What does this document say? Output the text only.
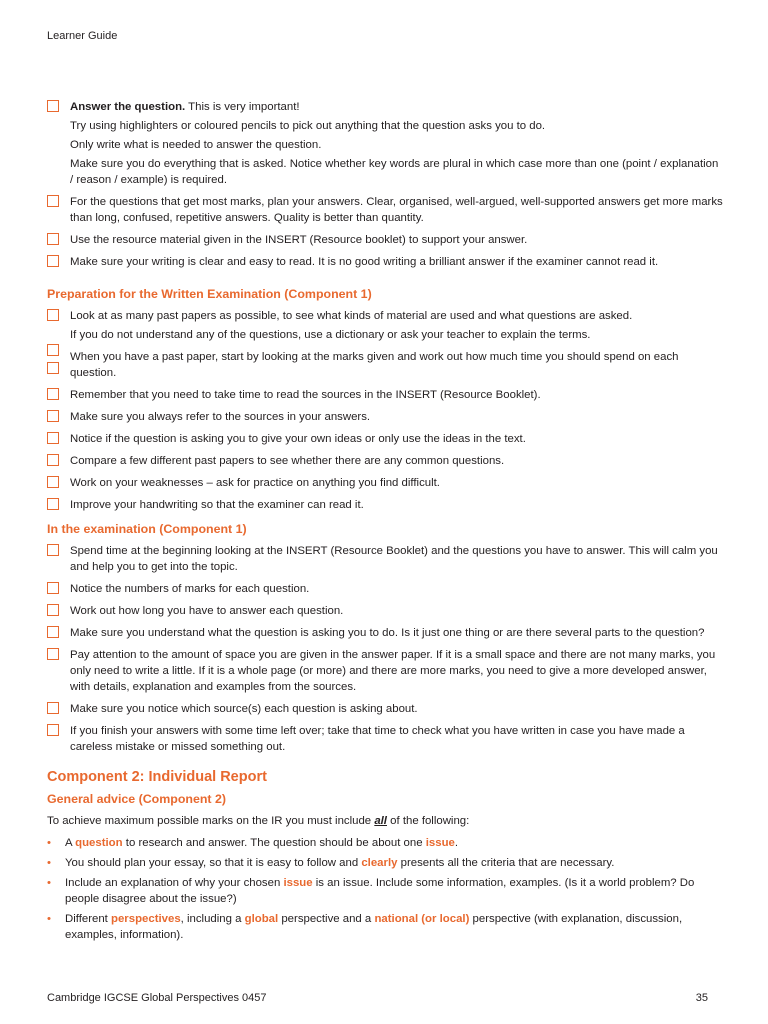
Learner Guide
Answer the question. This is very important!
Try using highlighters or coloured pencils to pick out anything that the question asks you to do.
Only write what is needed to answer the question.
Make sure you do everything that is asked. Notice whether key words are plural in which case more than one (point / explanation / reason / example) is required.
For the questions that get most marks, plan your answers. Clear, organised, well-argued, well-supported answers get more marks than long, confused, repetitive answers. Quality is better than quantity.
Use the resource material given in the INSERT (Resource booklet) to support your answer.
Make sure your writing is clear and easy to read. It is no good writing a brilliant answer if the examiner cannot read it.
Preparation for the Written Examination (Component 1)
Look at as many past papers as possible, to see what kinds of material are used and what questions are asked.
If you do not understand any of the questions, use a dictionary or ask your teacher to explain the terms.
When you have a past paper, start by looking at the marks given and work out how much time you should spend on each question.
Remember that you need to take time to read the sources in the INSERT (Resource Booklet).
Make sure you always refer to the sources in your answers.
Notice if the question is asking you to give your own ideas or only use the ideas in the text.
Compare a few different past papers to see whether there are any common questions.
Work on your weaknesses – ask for practice on anything you find difficult.
Improve your handwriting so that the examiner can read it.
In the examination (Component 1)
Spend time at the beginning looking at the INSERT (Resource Booklet) and the questions you have to answer. This will calm you and help you to get into the topic.
Notice the numbers of marks for each question.
Work out how long you have to answer each question.
Make sure you understand what the question is asking you to do. Is it just one thing or are there several parts to the question?
Pay attention to the amount of space you are given in the answer paper. If it is a small space and there are not many marks, you only need to write a little. If it is a whole page (or more) and there are more marks, you need to give a more developed answer, with details, explanation and examples from the sources.
Make sure you notice which source(s) each question is asking about.
If you finish your answers with some time left over; take that time to check what you have written in case you have made a careless mistake or missed something out.
Component 2: Individual Report
General advice (Component 2)
To achieve maximum possible marks on the IR you must include all of the following:
• A question to research and answer. The question should be about one issue.
• You should plan your essay, so that it is easy to follow and clearly presents all the criteria that are necessary.
• Include an explanation of why your chosen issue is an issue. Include some information, examples. (Is it a world problem? Do people disagree about the issue?)
• Different perspectives, including a global perspective and a national (or local) perspective (with explanation, discussion, examples, information).
Cambridge IGCSE Global Perspectives 0457	35
